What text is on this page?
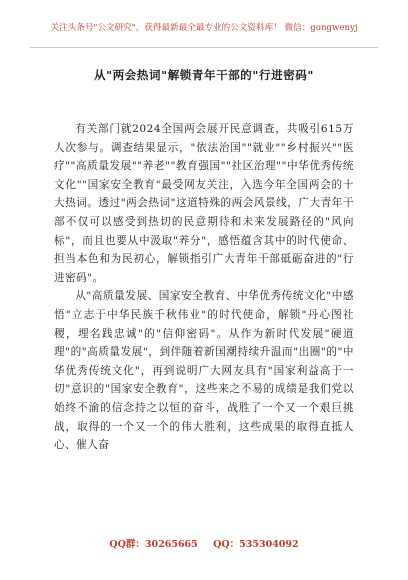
关注头条号"公文研究"，获得最新最全最专业的公文资料库！ 微信：gongwenyj
从"两会热词"解锁青年干部的"行进密码"

有关部门就2024全国两会展开民意调查，共吸引615万人次参与。调查结果显示，"依法治国""就业""乡村振兴""医疗""高质量发展""养老""教育强国""社区治理""中华优秀传统文化""国家安全教育"最受网友关注，入选今年全国两会的十大热词。透过"两会热词"这道特殊的两会风景线，广大青年干部不仅可以感受到热切的民意期待和未来发展路径的"风向标"，而且也要从中汲取"养分"，感悟蕴含其中的时代使命、担当本色和为民初心，解锁指引广大青年干部砥砺奋进的"行进密码"。

从"高质量发展、国家安全教育、中华优秀传统文化"中感悟"立志于中华民族千秋伟业"的时代使命，解锁"丹心图社稷，埋名践忠诚"的"信仰密码"。从作为新时代发展"硬道理"的"高质量发展"，到伴随着新国潮持续升温而"出圈"的"中华优秀传统文化"，再到说明广大网友具有"国家利益高于一切"意识的"国家安全教育"，这些来之不易的成绩是我们党以始终不渝的信念持之以恒的奋斗，战胜了一个又一个艰巨挑战，取得的一个又一个的伟大胜利，这些成果的取得直抵人心、催人奋

QQ群：30265665 QQ：535304092
